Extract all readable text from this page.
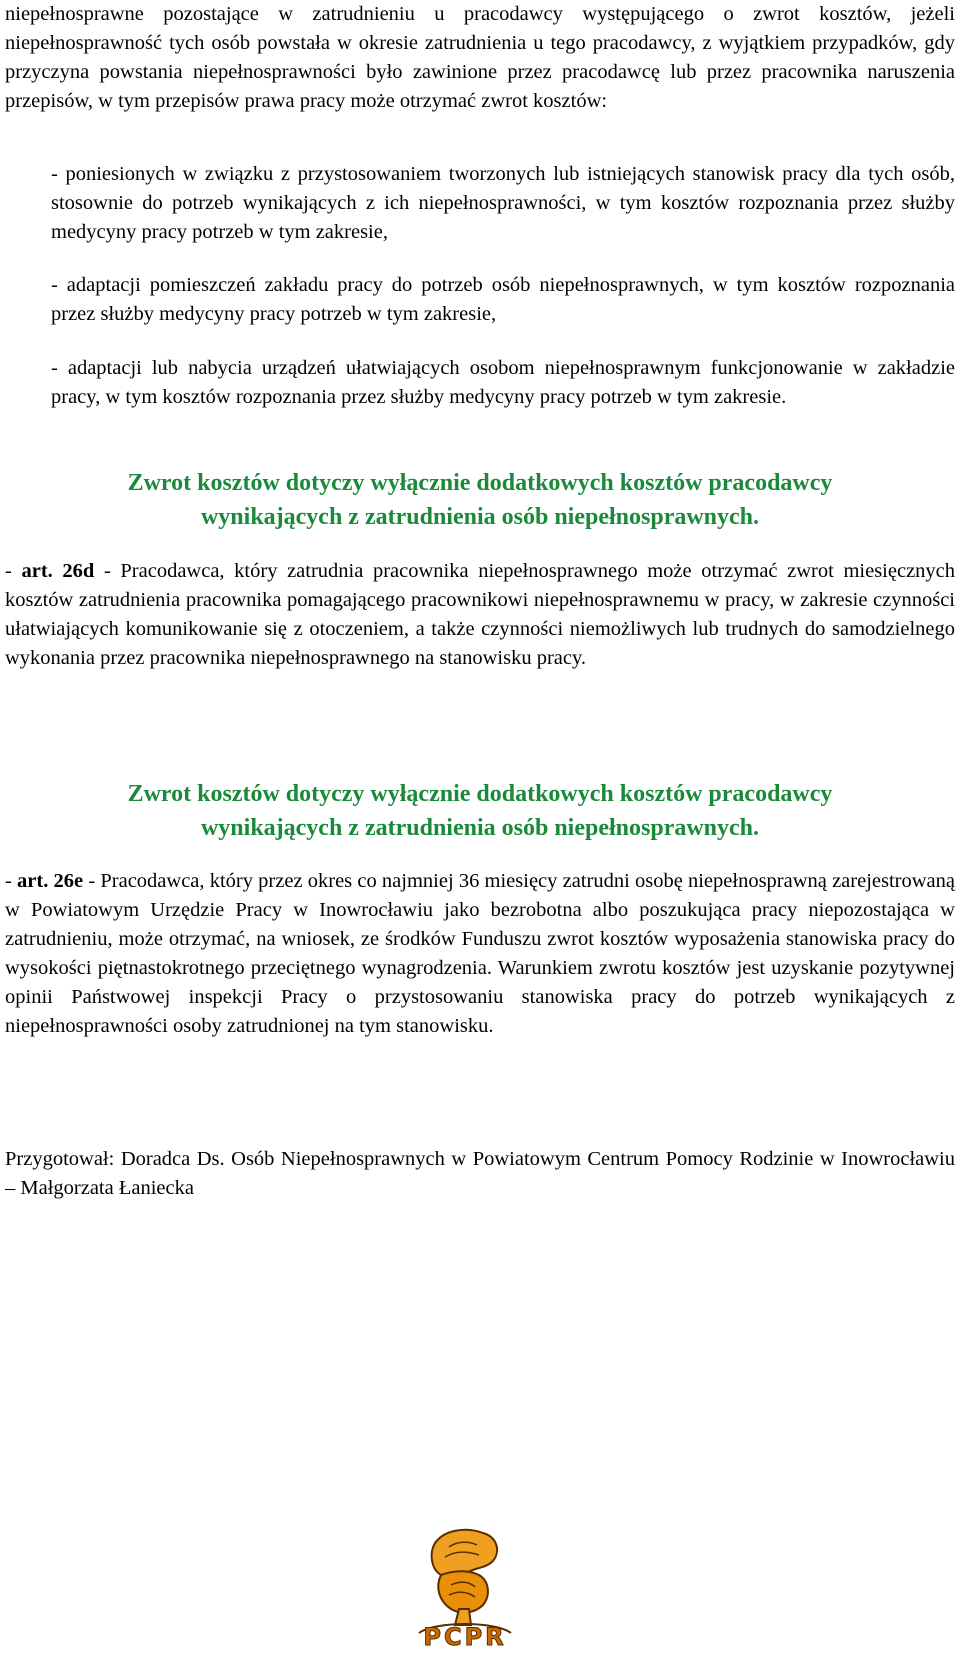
niepełnosprawne pozostające w zatrudnieniu u pracodawcy występującego o zwrot kosztów, jeżeli niepełnosprawność tych osób powstała w okresie zatrudnienia u tego pracodawcy, z wyjątkiem przypadków, gdy przyczyna powstania niepełnosprawności było zawinione przez pracodawcę lub przez pracownika naruszenia przepisów, w tym przepisów prawa pracy może otrzymać zwrot kosztów:

- poniesionych w związku z przystosowaniem tworzonych lub istniejących stanowisk pracy dla tych osób, stosownie do potrzeb wynikających z ich niepełnosprawności, w tym kosztów rozpoznania przez służby medycyny pracy potrzeb w tym zakresie,

- adaptacji pomieszczeń zakładu pracy do potrzeb osób niepełnosprawnych, w tym kosztów rozpoznania przez służby medycyny pracy potrzeb w tym zakresie,

- adaptacji lub nabycia urządzeń ułatwiających osobom niepełnosprawnym funkcjonowanie w zakładzie pracy, w tym kosztów rozpoznania przez służby medycyny pracy potrzeb w tym zakresie.

Zwrot kosztów dotyczy wyłącznie dodatkowych kosztów pracodawcy

wynikających z zatrudnienia osób niepełnosprawnych.

- art. 26d - Pracodawca, który zatrudnia pracownika niepełnosprawnego może otrzymać zwrot miesięcznych kosztów zatrudnienia pracownika pomagającego pracownikowi niepełnosprawnemu w pracy, w zakresie czynności ułatwiających komunikowanie się z otoczeniem, a także czynności niemożliwych lub trudnych do samodzielnego wykonania przez pracownika niepełnosprawnego na stanowisku pracy.

Zwrot kosztów dotyczy wyłącznie dodatkowych kosztów pracodawcy

wynikających z zatrudnienia osób niepełnosprawnych.

- art. 26e - Pracodawca, który przez okres co najmniej 36 miesięcy zatrudni osobę niepełnosprawną zarejestrowaną w Powiatowym Urzędzie Pracy w Inowrocławiu jako bezrobotna albo poszukująca pracy niepozostająca w zatrudnieniu, może otrzymać, na wniosek, ze środków Funduszu zwrot kosztów wyposażenia stanowiska pracy do wysokości piętnastokrotnego przeciętnego wynagrodzenia. Warunkiem zwrotu kosztów jest uzyskanie pozytywnej opinii Państwowej inspekcji Pracy o przystosowaniu stanowiska pracy do potrzeb wynikających z niepełnosprawności osoby zatrudnionej na tym stanowisku.

Przygotował: Doradca Ds. Osób Niepełnosprawnych w Powiatowym Centrum Pomocy Rodzinie w Inowrocławiu – Małgorzata Łaniecka

PCPR
